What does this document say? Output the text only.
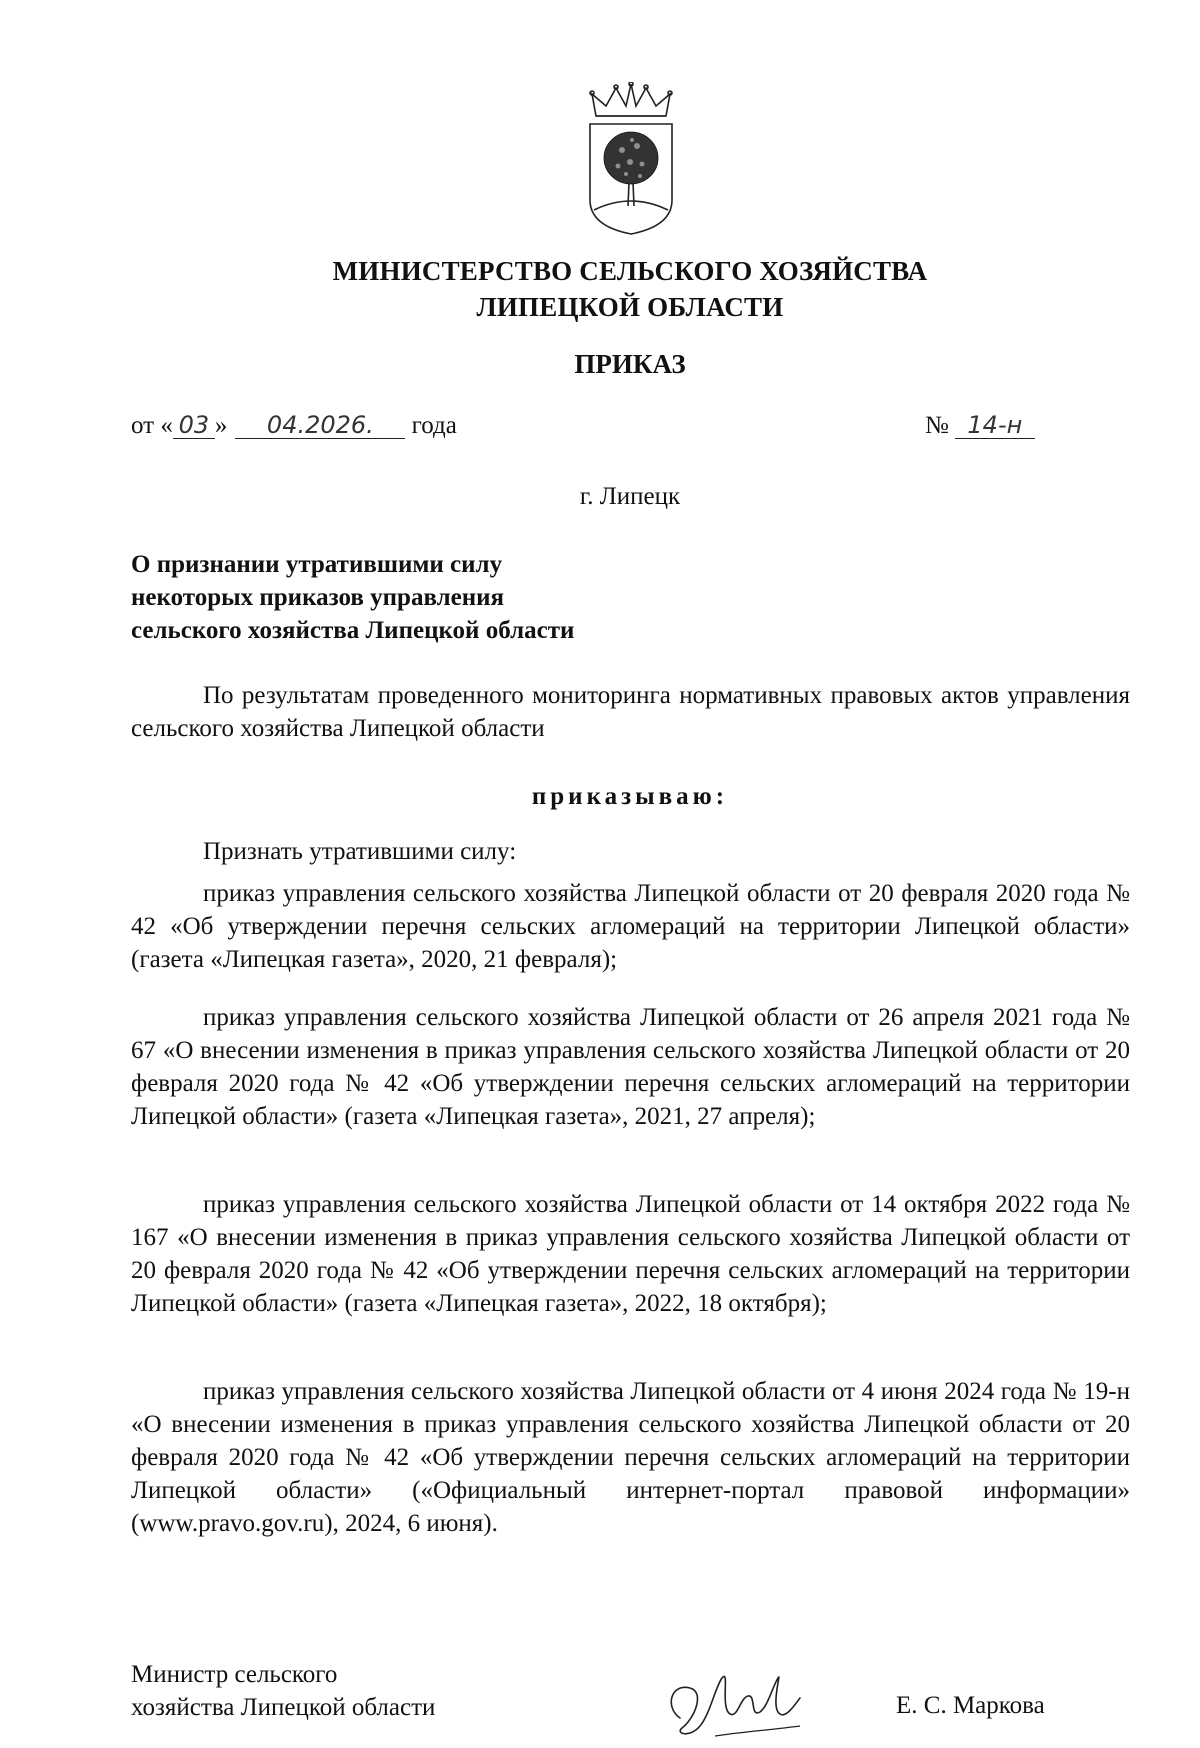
МИНИСТЕРСТВО СЕЛЬСКОГО ХОЗЯЙСТВА
ЛИПЕЦКОЙ ОБЛАСТИ
ПРИКАЗ
от « 03 » 04.2026. года	№ 14-н
г. Липецк
О признании утратившими силу
некоторых приказов управления
сельского хозяйства Липецкой области

По результатам проведенного мониторинга нормативных правовых актов управления сельского хозяйства Липецкой области

приказываю:

Признать утратившими силу:

приказ управления сельского хозяйства Липецкой области от 20 февраля 2020 года № 42 «Об утверждении перечня сельских агломераций на территории Липецкой области» (газета «Липецкая газета», 2020, 21 февраля);

приказ управления сельского хозяйства Липецкой области от 26 апреля 2021 года № 67 «О внесении изменения в приказ управления сельского хозяйства Липецкой области от 20 февраля 2020 года № 42 «Об утверждении перечня сельских агломераций на территории Липецкой области» (газета «Липецкая газета», 2021, 27 апреля);

приказ управления сельского хозяйства Липецкой области от 14 октября 2022 года № 167 «О внесении изменения в приказ управления сельского хозяйства Липецкой области от 20 февраля 2020 года № 42 «Об утверждении перечня сельских агломераций на территории Липецкой области» (газета «Липецкая газета», 2022, 18 октября);

приказ управления сельского хозяйства Липецкой области от 4 июня 2024 года № 19-н «О внесении изменения в приказ управления сельского хозяйства Липецкой области от 20 февраля 2020 года № 42 «Об утверждении перечня сельских агломераций на территории Липецкой области» («Официальный интернет-портал правовой информации» (www.pravo.gov.ru), 2024, 6 июня).

Министр сельского
хозяйства Липецкой области	Е. С. Маркова
